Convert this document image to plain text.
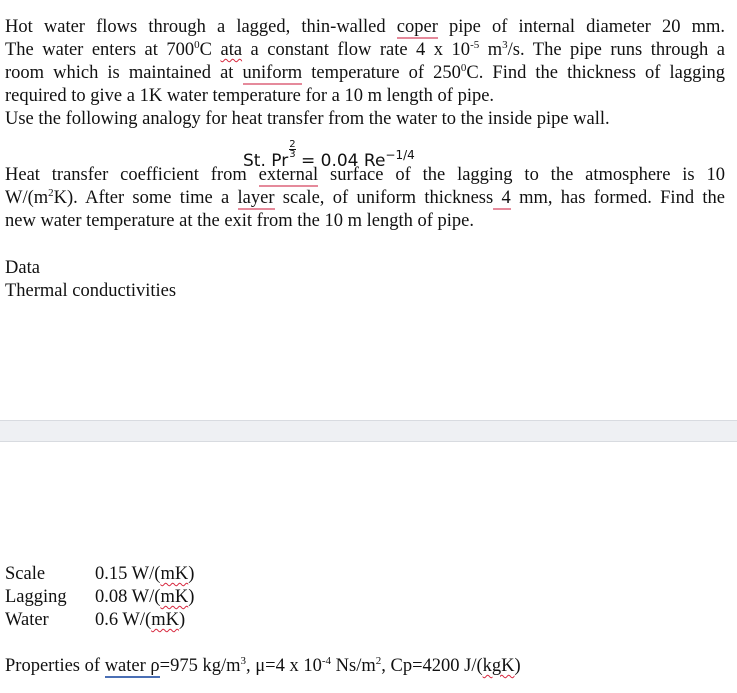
Hot water flows through a lagged, thin-walled coper pipe of internal diameter 20 mm.
The water enters at $700^0C$ ata a constant flow rate 4 x $10^{-5}$ $m^3/s$. The pipe runs through a
room which is maintained at uniform temperature of $250^0C$. Find the thickness of lagging
required to give a 1K water temperature for a 10 m length of pipe.
Use the following analogy for heat transfer from the water to the inside pipe wall.
St. Pr
$\frac{2}{3}$
= 0.04 $Re^{-1/4}$
Heat transfer coefficient from external surface of the lagging to the atmosphere is 10
$W/(m^2K)$. After some time a layer scale, of uniform thickness 4 mm, has formed. Find the
new water temperature at the exit from the 10 m length of pipe.
Data
Thermal conductivities
Scale	0.15 W/(mK)
Lagging 0.08 W/(mK)
Water	0.6 W/(mK)
Properties of water ρ=975 $kg/m^3$, μ=4 x $10^{-4}$ $Ns/m^2$, Cp=4200 J/(kgK)
